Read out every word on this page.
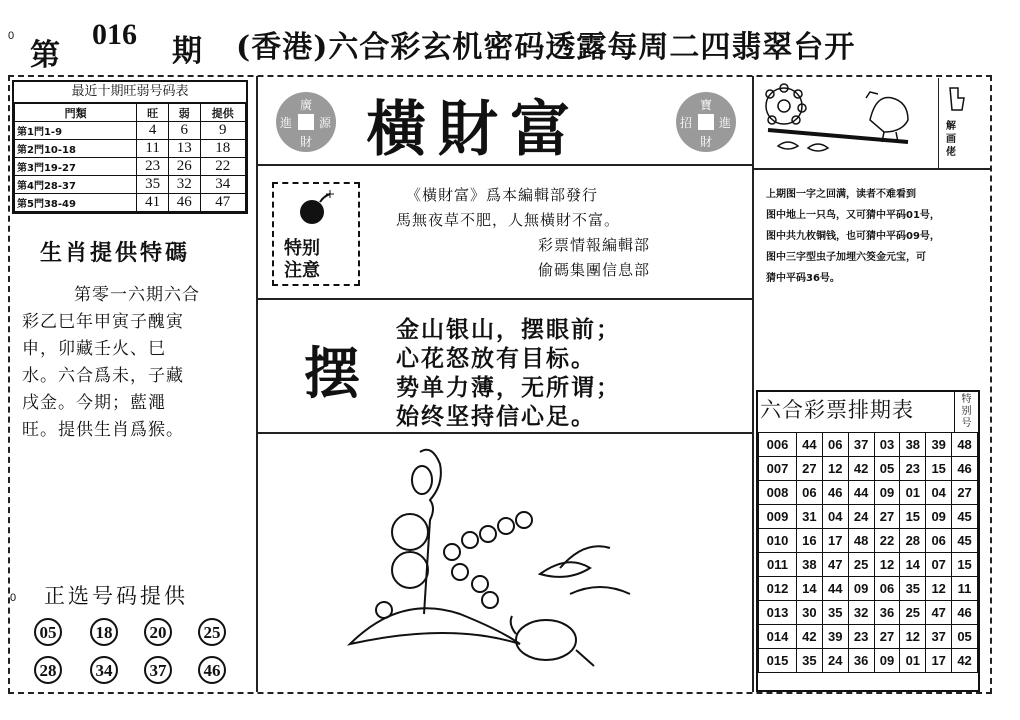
0
第
016 期 (香港)六合彩玄机密码透露每周二四翡翠台开
0
最近十期旺弱号码表
門類	旺	弱	提供
第1門1-9	4	6	9
第2門10-18	11	13	18
第3門19-27	23	26	22
第4門28-37	35	32	34
第5門38-49	41	46	47
生肖提供特碼
第零一六期六合
彩乙巳年甲寅子醜寅
申，卯藏壬火、巳
水。六合爲未，子藏
戌金。今期；藍澠
旺。提供生肖爲猴。
正选号码提供
05	18	20	25
28	34	37	46
廣
進 源
財 橫財富	寶
招 進
財
解
画
佬
上期图一字之回满，读者不难看到
图中地上一只鸟，又可猜中平码01号，
图中共九枚铜钱，也可猜中平码09号，
图中三字型虫子加埋六筊金元宝，可
猜中平码36号。
特别
注意
《橫財富》爲本編輯部發行
馬無夜草不肥，人無橫財不富。
彩票情報編輯部
偷碼集團信息部
摆
金山银山，摆眼前；
心花怒放有目标。
势单力薄，无所谓；
始终坚持信心足。	六合彩票排期表	特
别
号
006	44	06	37	03	38	39	48
007	27	12	42	05	23	15	46
008	06	46	44	09	01	04	27
009	31	04	24	27	15	09	45
010	16	17	48	22	28	06	45
011	38	47	25	12	14	07	15
012	14	44	09	06	35	12	11
013	30	35	32	36	25	47	46
014	42	39	23	27	12	37	05
015	35	24	36	09	01	17	42
